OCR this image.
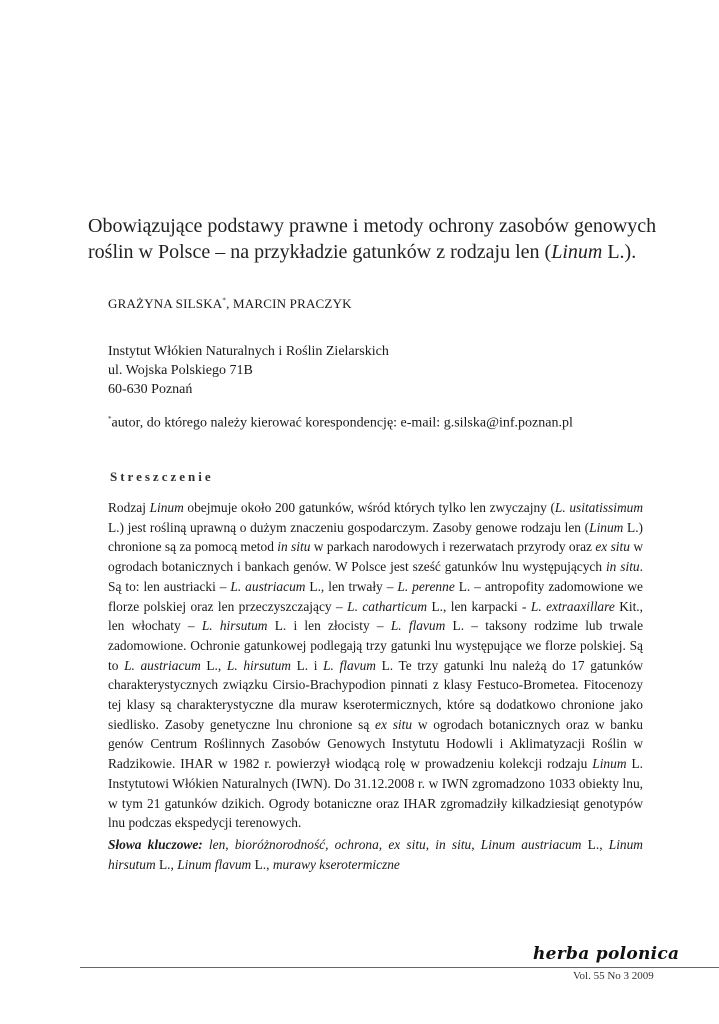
Obowiązujące podstawy prawne i metody ochrony zasobów genowych
roślin w Polsce – na przykładzie gatunków z rodzaju len (Linum L.).
GRAŻYNA SILSKA*, MARCIN PRACZYK
Instytut Włókien Naturalnych i Roślin Zielarskich
ul. Wojska Polskiego 71B
60-630 Poznań
*autor, do którego należy kierować korespondencję: e-mail: g.silska@inf.poznan.pl
Streszczenie
Rodzaj Linum obejmuje około 200 gatunków, wśród których tylko len zwyczajny (L. usitatissimum L.) jest rośliną uprawną o dużym znaczeniu gospodarczym. Zasoby genowe rodzaju len (Linum L.) chronione są za pomocą metod in situ w parkach narodowych i rezerwatach przyrody oraz ex situ w ogrodach botanicznych i bankach genów. W Polsce jest sześć gatunków lnu występujących in situ. Są to: len austriacki – L. austriacum L., len trwały – L. perenne L. – antropofity zadomowione we florze polskiej oraz len przeczyszczający – L. catharticum L., len karpacki - L. extraaxillare Kit., len włochaty – L. hirsutum L. i len złocisty – L. flavum L. – taksony rodzime lub trwale zadomowione. Ochronie gatunkowej podlegają trzy gatunki lnu występujące we florze polskiej. Są to L. austriacum L., L. hirsutum L. i L. flavum L. Te trzy gatunki lnu należą do 17 gatunków charakterystycznych związku Cirsio-Brachypodion pinnati z klasy Festuco-Brometea. Fitocenozy tej klasy są charakterystyczne dla muraw kserotermicznych, które są dodatkowo chronione jako siedlisko. Zasoby genetyczne lnu chronione są ex situ w ogrodach botanicznych oraz w banku genów Centrum Roślinnych Zasobów Genowych Instytutu Hodowli i Aklimatyzacji Roślin w Radzikowie. IHAR w 1982 r. powierzył wiodącą rolę w prowadzeniu kolekcji rodzaju Linum L. Instytutowi Włókien Naturalnych (IWN). Do 31.12.2008 r. w IWN zgromadzono 1033 obiekty lnu, w tym 21 gatunków dzikich. Ogrody botaniczne oraz IHAR zgromadziły kilkadziesiąt genotypów lnu podczas ekspedycji terenowych.
Słowa kluczowe: len, bioróżnorodność, ochrona, ex situ, in situ, Linum austriacum L., Linum hirsutum L., Linum flavum L., murawy kserotermiczne
herba polonica
Vol. 55 No 3 2009
